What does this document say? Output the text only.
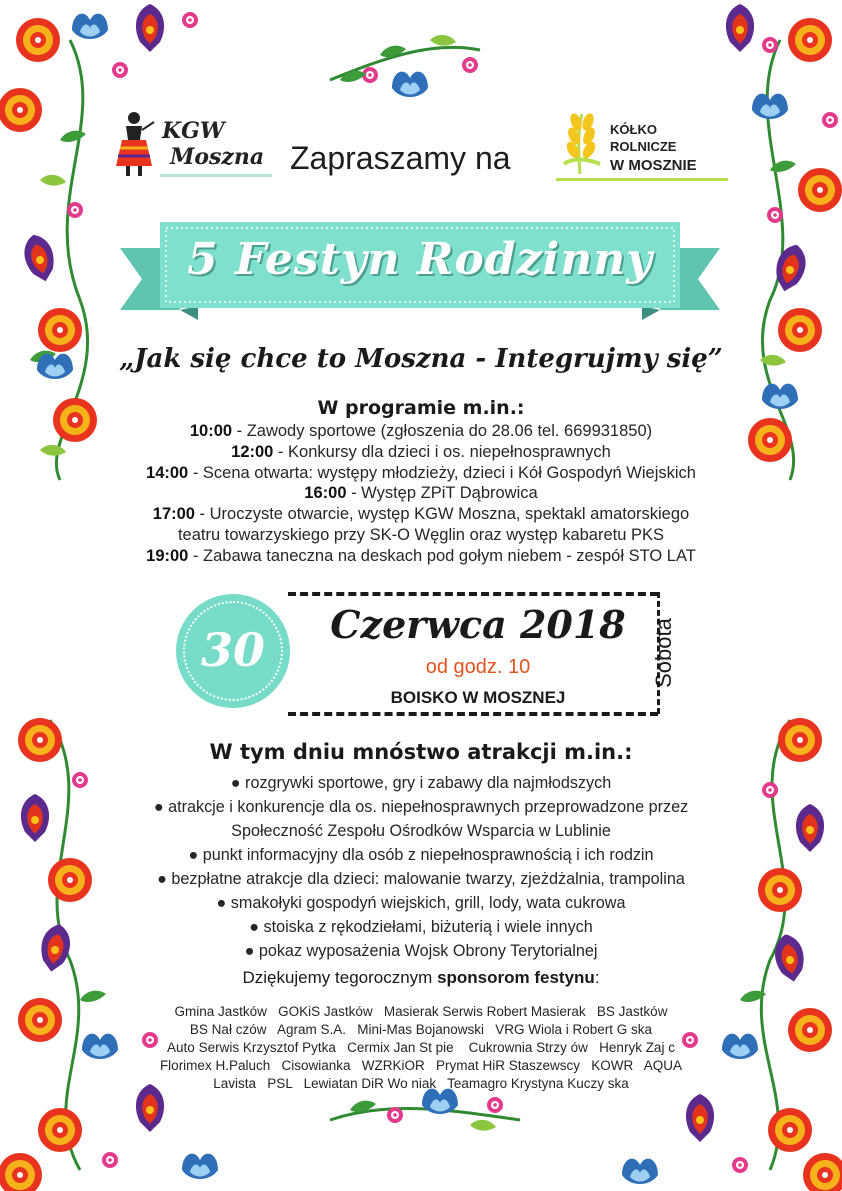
KGW
Moszna Zapraszamy na
KÓŁKO
ROLNICZE
W MOSZNIE
5 Festyn Rodzinny
„Jak się chce to Moszna - Integrujmy się”
W programie m.in.:
10:00 - Zawody sportowe (zgłoszenia do 28.06 tel. 669931850)
12:00 - Konkursy dla dzieci i os. niepełnosprawnych
14:00 - Scena otwarta: występy młodzieży, dzieci i Kół Gospodyń Wiejskich
16:00 - Występ ZPiT Dąbrowica
17:00 - Uroczyste otwarcie, występ KGW Moszna, spektakl amatorskiego
teatru towarzyskiego przy SK-O Węglin oraz występ kabaretu PKS
19:00 - Zabawa taneczna na deskach pod gołym niebem - zespół STO LAT
30	Czerwca 2018
od godz. 10
BOISKO W MOSZNEJ
Sobota
W tym dniu mnóstwo atrakcji m.in.:
● rozgrywki sportowe, gry i zabawy dla najmłodszych
● atrakcje i konkurencje dla os. niepełnosprawnych przeprowadzone przez
Społeczność Zespołu Ośrodków Wsparcia w Lublinie
● punkt informacyjny dla osób z niepełnosprawnością i ich rodzin
● bezpłatne atrakcje dla dzieci: malowanie twarzy, zjeżdżalnia, trampolina
● smakołyki gospodyń wiejskich, grill, lody, wata cukrowa
● stoiska z rękodziełami, biżuterią i wiele innych
● pokaz wyposażenia Wojsk Obrony Terytorialnej
Dziękujemy tegorocznym sponsorom festynu:
Gmina Jastków   GOKiS Jastków   Masierak Serwis Robert Masierak   BS Jastków
BS Nał czów   Agram S.A.   Mini-Mas Bojanowski   VRG Wiola i Robert G ska
Auto Serwis Krzysztof Pytka   Cermix Jan St pie    Cukrownia Strzy ów   Henryk Zaj c
Florimex H.Paluch   Cisowianka   WZRKiOR   Prymat HiR Staszewscy   KOWR   AQUA
Lavista   PSL   Lewiatan DiR Wo niak   Teamagro Krystyna Kuczy ska
